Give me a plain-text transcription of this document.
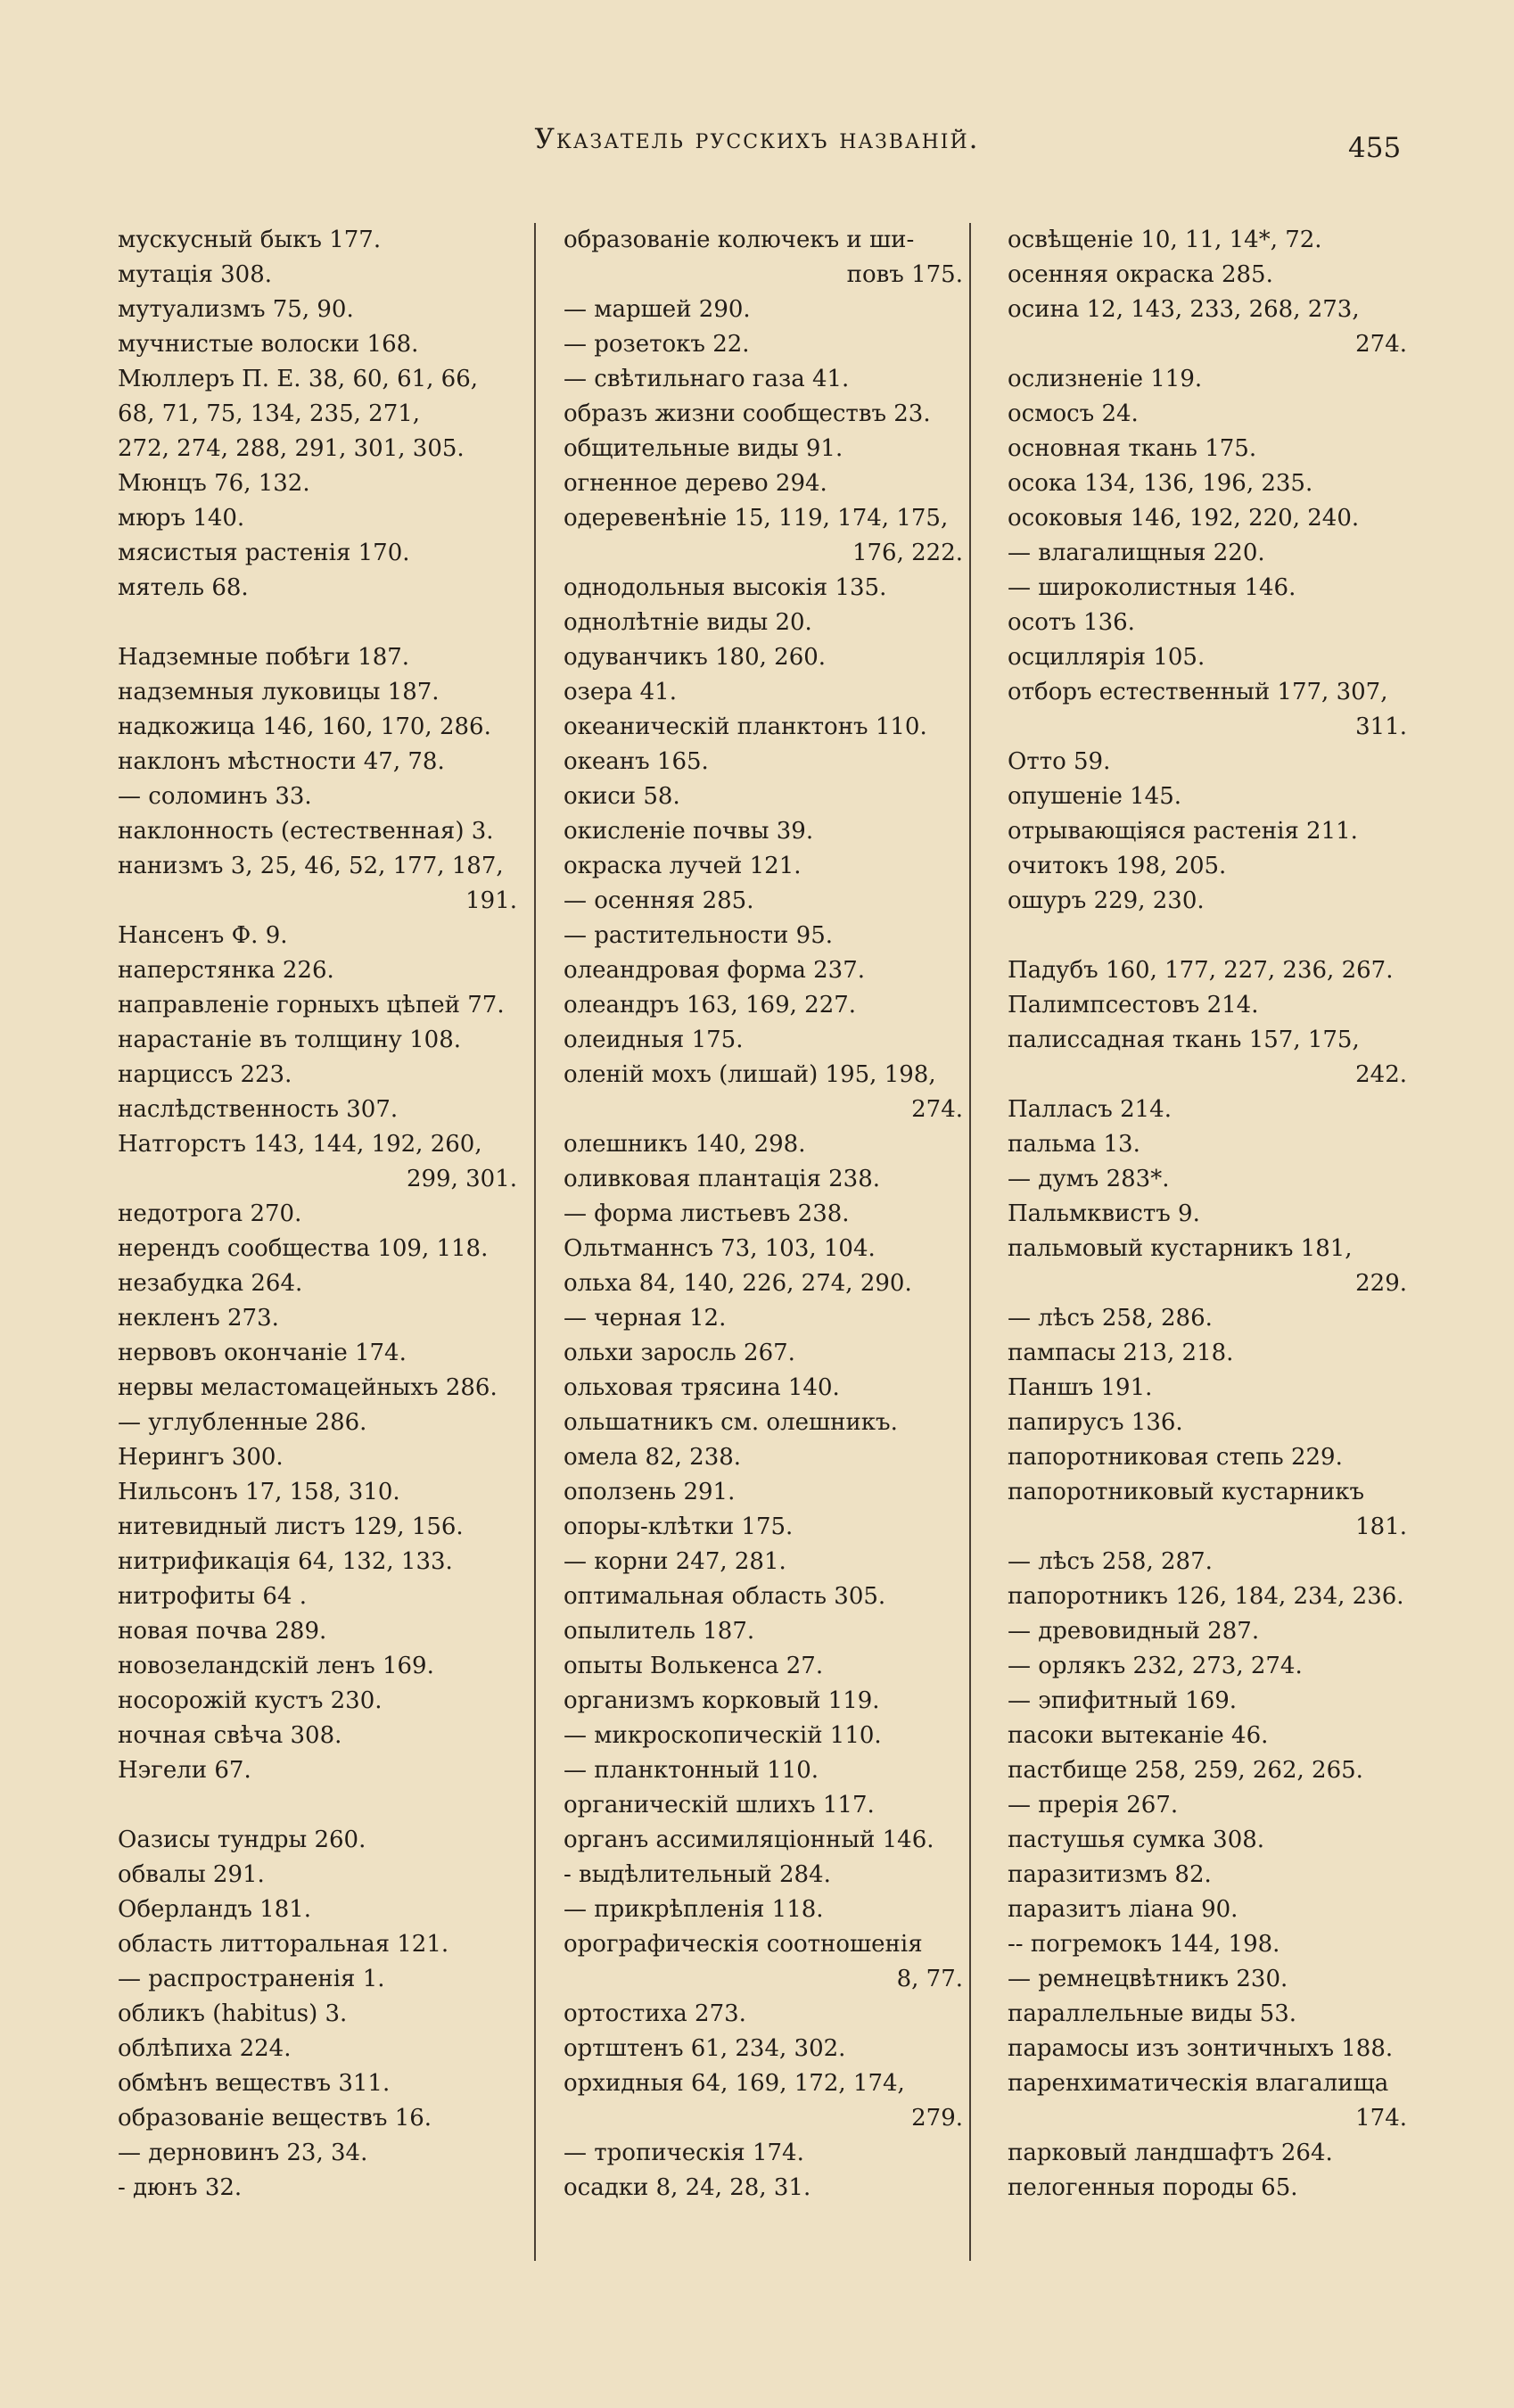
Указатель русскихъ названій.	455
мускусный быкъ 177.
мутація 308.
мутуализмъ 75, 90.
мучнистые волоски 168.
Мюллеръ П. Е. 38, 60, 61, 66,
68, 71, 75, 134, 235, 271,
272, 274, 288, 291, 301, 305.
Мюнцъ 76, 132.
мюръ 140.
мясистыя растенія 170.
мятель 68.
Надземные побѣги 187.
надземныя луковицы 187.
надкожица 146, 160, 170, 286.
наклонъ мѣстности 47, 78.
— соломинъ 33.
наклонность (естественная) 3.
нанизмъ 3, 25, 46, 52, 177, 187,
191.
Нансенъ Ф. 9.
наперстянка 226.
направленіе горныхъ цѣпей 77.
нарастаніе въ толщину 108.
нарциссъ 223.
наслѣдственность 307.
Натгорстъ 143, 144, 192, 260,
299, 301.
недотрога 270.
нерендъ сообщества 109, 118.
незабудка 264.
некленъ 273.
нервовъ окончаніе 174.
нервы меластомацейныхъ 286.
— углубленные 286.
Нерингъ 300.
Нильсонъ 17, 158, 310.
нитевидный листъ 129, 156.
нитрификація 64, 132, 133.
нитрофиты 64 .
новая почва 289.
новозеландскій ленъ 169.
носорожій кустъ 230.
ночная свѣча 308.
Нэгели 67.
Оазисы тундры 260.
обвалы 291.
Оберландъ 181.
область литторальная 121.
— распространенія 1.
обликъ (habitus) 3.
облѣпиха 224.
обмѣнъ веществъ 311.
образованіе веществъ 16.
— дерновинъ 23, 34.
- дюнъ 32.
образованіе колючекъ и ши-
повъ 175.
— маршей 290.
— розетокъ 22.
— свѣтильнаго газа 41.
образъ жизни сообществъ 23.
общительные виды 91.
огненное дерево 294.
одеревенѣніе 15, 119, 174, 175,
176, 222.
однодольныя высокія 135.
однолѣтніе виды 20.
одуванчикъ 180, 260.
озера 41.
океаническій планктонъ 110.
океанъ 165.
окиси 58.
окисленіе почвы 39.
окраска лучей 121.
— осенняя 285.
— растительности 95.
олеандровая форма 237.
олеандръ 163, 169, 227.
олеидныя 175.
оленій мохъ (лишай) 195, 198,
274.
олешникъ 140, 298.
оливковая плантація 238.
— форма листьевъ 238.
Ольтманнсъ 73, 103, 104.
ольха 84, 140, 226, 274, 290.
— черная 12.
ольхи заросль 267.
ольховая трясина 140.
ольшатникъ см. олешникъ.
омела 82, 238.
оползень 291.
опоры-клѣтки 175.
— корни 247, 281.
оптимальная область 305.
опылитель 187.
опыты Волькенса 27.
организмъ корковый 119.
— микроскопическій 110.
— планктонный 110.
органическій шлихъ 117.
органъ ассимиляціонный 146.
- выдѣлительный 284.
— прикрѣпленія 118.
орографическія соотношенія
8, 77.
ортостиха 273.
ортштенъ 61, 234, 302.
орхидныя 64, 169, 172, 174,
279.
— тропическія 174.
осадки 8, 24, 28, 31.
освѣщеніе 10, 11, 14*, 72.
осенняя окраска 285.
осина 12, 143, 233, 268, 273,
274.
ослизненіе 119.
осмосъ 24.
основная ткань 175.
осока 134, 136, 196, 235.
осоковыя 146, 192, 220, 240.
— влагалищныя 220.
— широколистныя 146.
осотъ 136.
осциллярія 105.
отборъ естественный 177, 307,
311.
Отто 59.
опушеніе 145.
отрывающіяся растенія 211.
очитокъ 198, 205.
ошуръ 229, 230.
Падубъ 160, 177, 227, 236, 267.
Палимпсестовъ 214.
палиссадная ткань 157, 175,
242.
Палласъ 214.
пальма 13.
— думъ 283*.
Пальмквистъ 9.
пальмовый кустарникъ 181,
229.
— лѣсъ 258, 286.
пампасы 213, 218.
Паншъ 191.
папирусъ 136.
папоротниковая степь 229.
папоротниковый кустарникъ
181.
— лѣсъ 258, 287.
папоротникъ 126, 184, 234, 236.
— древовидный 287.
— орлякъ 232, 273, 274.
— эпифитный 169.
пасоки вытеканіе 46.
пастбище 258, 259, 262, 265.
— прерія 267.
пастушья сумка 308.
паразитизмъ 82.
паразитъ ліана 90.
-- погремокъ 144, 198.
— ремнецвѣтникъ 230.
параллельные виды 53.
парамосы изъ зонтичныхъ 188.
паренхиматическія влагалища
174.
парковый ландшафтъ 264.
пелогенныя породы 65.
